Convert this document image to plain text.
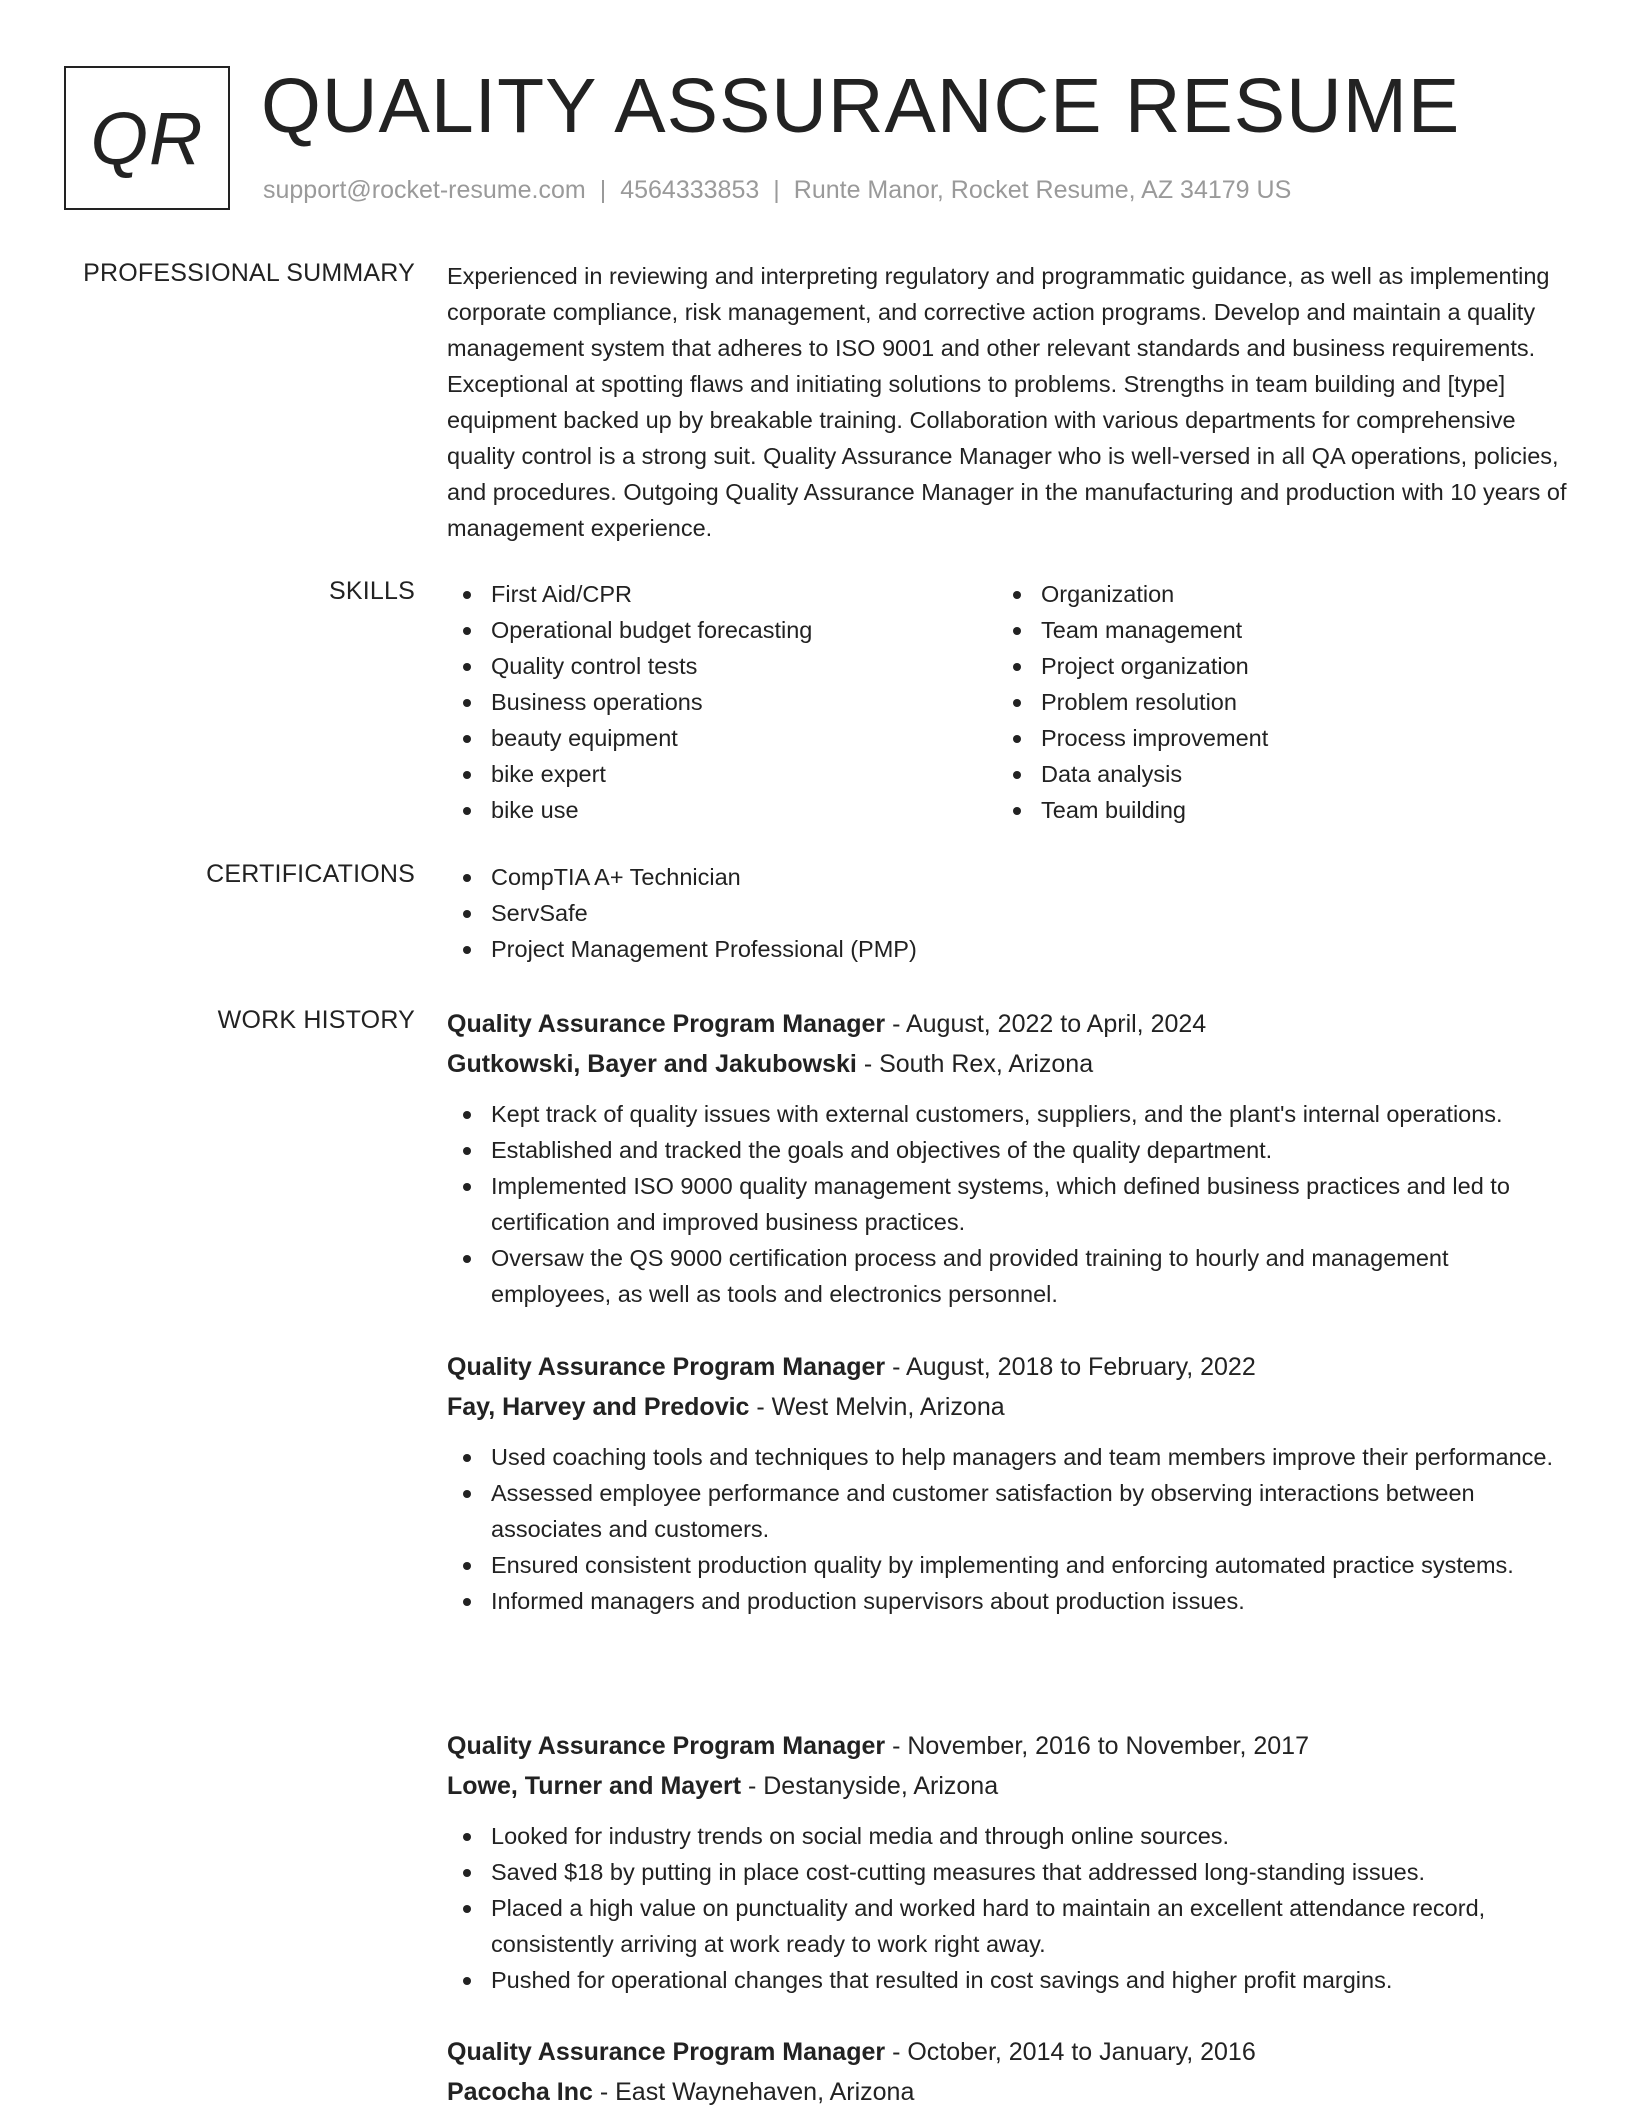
QR QUALITY ASSURANCE RESUME
support@rocket-resume.com | 4564333853 | Runte Manor, Rocket Resume, AZ 34179 US
PROFESSIONAL SUMMARY Experienced in reviewing and interpreting regulatory and programmatic guidance, as well as implementing corporate compliance, risk management, and corrective action programs. Develop and maintain a quality management system that adheres to ISO 9001 and other relevant standards and business requirements. Exceptional at spotting flaws and initiating solutions to problems. Strengths in team building and [type] equipment backed up by breakable training. Collaboration with various departments for comprehensive quality control is a strong suit. Quality Assurance Manager who is well-versed in all QA operations, policies, and procedures. Outgoing Quality Assurance Manager in the manufacturing and production with 10 years of management experience.

SKILLS	First Aid/CPR
Operational budget forecasting
Quality control tests
Business operations
beauty equipment
bike expert
bike use
Organization
Team management
Project organization
Problem resolution
Process improvement
Data analysis
Team building
CERTIFICATIONS	CompTIA A+ Technician
ServSafe
Project Management Professional (PMP)
WORK HISTORY Quality Assurance Program Manager - August, 2022 to April, 2024
Gutkowski, Bayer and Jakubowski - South Rex, Arizona
Kept track of quality issues with external customers, suppliers, and the plant's internal operations.
Established and tracked the goals and objectives of the quality department.
Implemented ISO 9000 quality management systems, which defined business practices and led to certification and improved business practices.
Oversaw the QS 9000 certification process and provided training to hourly and management employees, as well as tools and electronics personnel.
Quality Assurance Program Manager - August, 2018 to February, 2022
Fay, Harvey and Predovic - West Melvin, Arizona
Used coaching tools and techniques to help managers and team members improve their performance.
Assessed employee performance and customer satisfaction by observing interactions between associates and customers.
Ensured consistent production quality by implementing and enforcing automated practice systems.
Informed managers and production supervisors about production issues.
Quality Assurance Program Manager - November, 2016 to November, 2017
Lowe, Turner and Mayert - Destanyside, Arizona
Looked for industry trends on social media and through online sources.
Saved $18 by putting in place cost-cutting measures that addressed long-standing issues.
Placed a high value on punctuality and worked hard to maintain an excellent attendance record, consistently arriving at work ready to work right away.
Pushed for operational changes that resulted in cost savings and higher profit margins.
Quality Assurance Program Manager - October, 2014 to January, 2016
Pacocha Inc - East Waynehaven, Arizona
